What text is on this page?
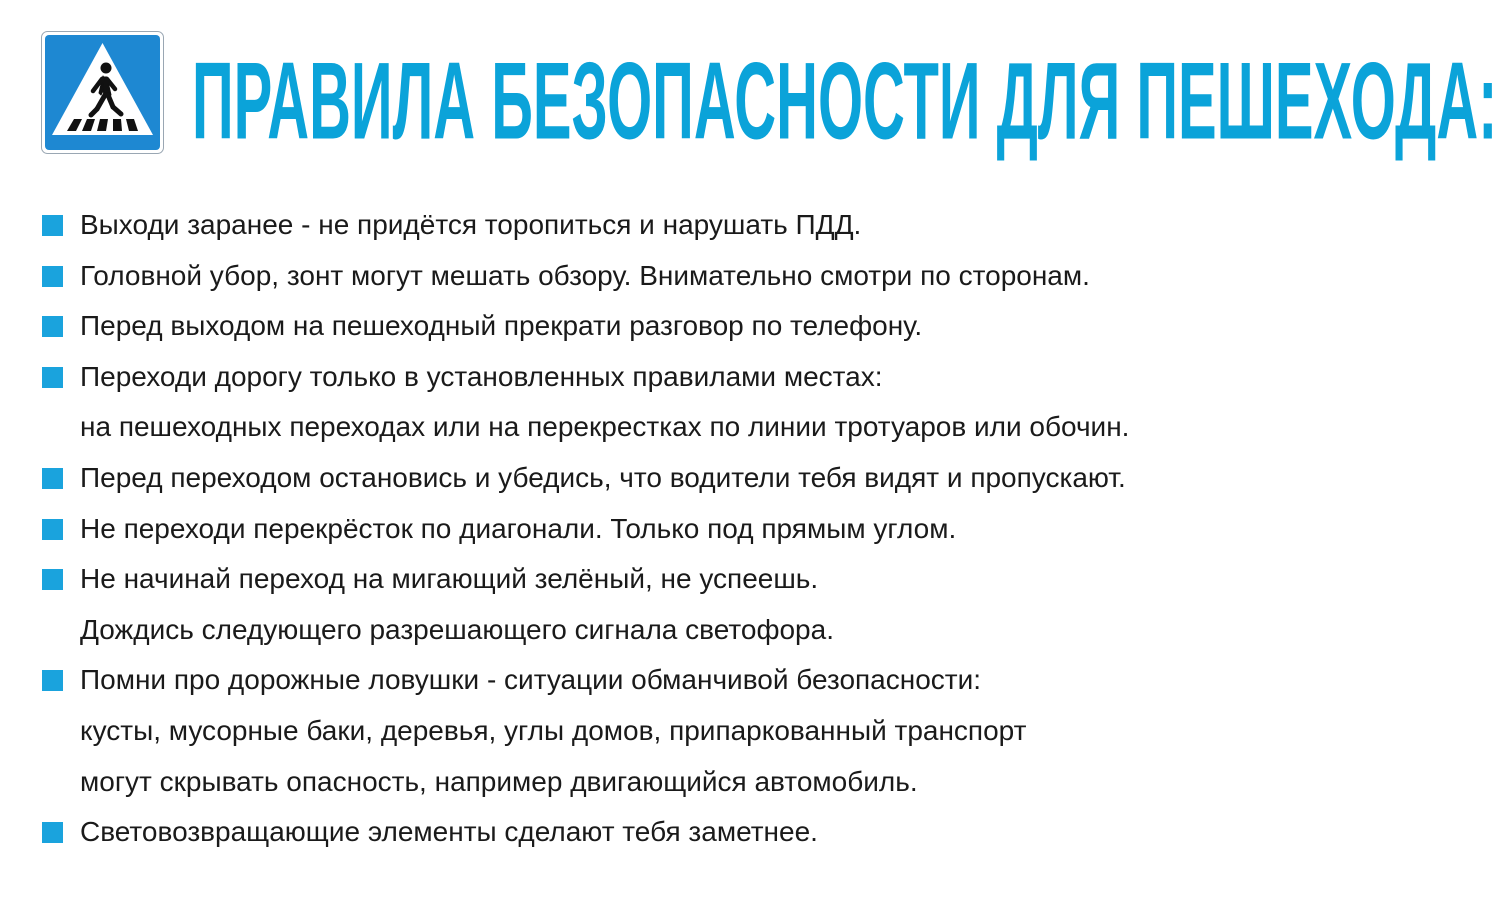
ПРАВИЛА БЕЗОПАСНОСТИ ДЛЯ ПЕШЕХОДА:
Выходи заранее - не придётся торопиться и нарушать ПДД.
Головной убор, зонт могут мешать обзору. Внимательно смотри по сторонам.
Перед выходом на пешеходный прекрати разговор по телефону.
Переходи дорогу только в установленных правилами местах:
на пешеходных переходах или на перекрестках по линии тротуаров или обочин.
Перед переходом остановись и убедись, что водители тебя видят и пропускают.
Не переходи перекрёсток по диагонали. Только под прямым углом.
Не начинай переход на мигающий зелёный, не успеешь.
Дождись следующего разрешающего сигнала светофора.
Помни про дорожные ловушки - ситуации обманчивой безопасности:
кусты, мусорные баки, деревья, углы домов, припаркованный транспорт
могут скрывать опасность, например двигающийся автомобиль.
Световозвращающие элементы сделают тебя заметнее.
